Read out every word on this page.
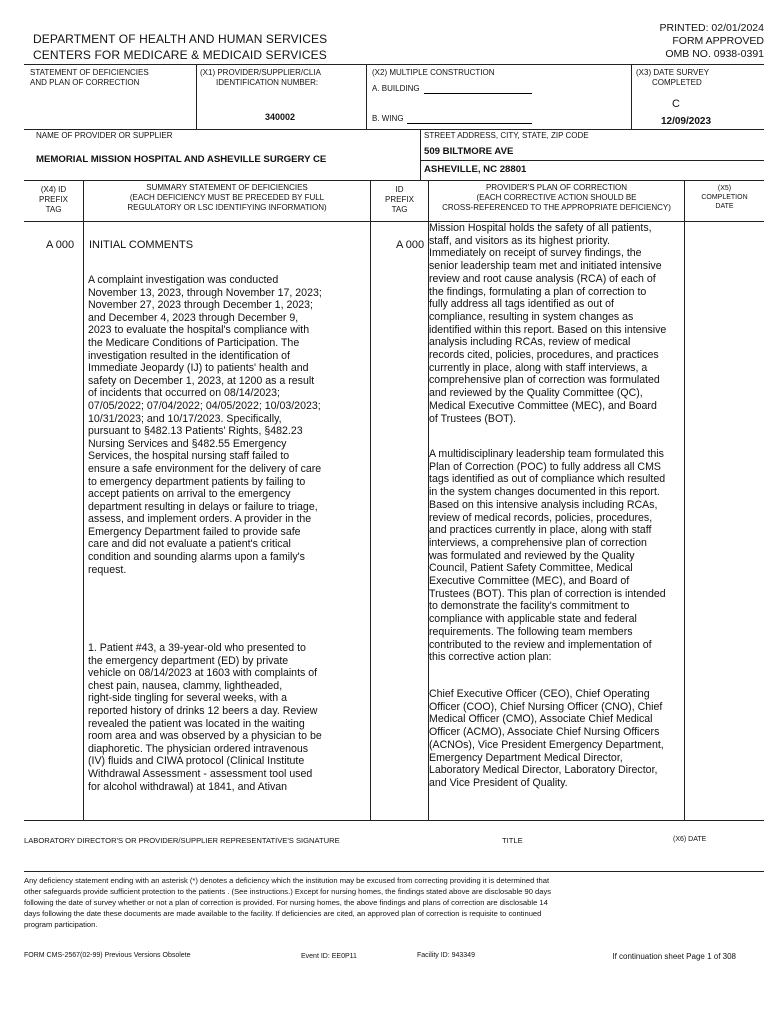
PRINTED: 02/01/2024
FORM APPROVED
OMB NO. 0938-0391
DEPARTMENT OF HEALTH AND HUMAN SERVICES
CENTERS FOR MEDICARE & MEDICAID SERVICES
STATEMENT OF DEFICIENCIES
AND PLAN OF CORRECTION
(X1) PROVIDER/SUPPLIER/CLIA
IDENTIFICATION NUMBER:
340002
(X2) MULTIPLE CONSTRUCTION
A. BUILDING
B. WING
(X3) DATE SURVEY
COMPLETED
C
12/09/2023
NAME OF PROVIDER OR SUPPLIER
MEMORIAL MISSION HOSPITAL AND ASHEVILLE SURGERY CE
STREET ADDRESS, CITY, STATE, ZIP CODE
509 BILTMORE AVE
ASHEVILLE, NC 28801
(X4) ID
PREFIX
TAG
SUMMARY STATEMENT OF DEFICIENCIES
(EACH DEFICIENCY MUST BE PRECEDED BY FULL
REGULATORY OR LSC IDENTIFYING INFORMATION)
ID
PREFIX
TAG
PROVIDER'S PLAN OF CORRECTION
(EACH CORRECTIVE ACTION SHOULD BE
CROSS-REFERENCED TO THE APPROPRIATE DEFICIENCY)
(X5)
COMPLETION
DATE
A 000 INITIAL COMMENTS
A complaint investigation was conducted
November 13, 2023, through November 17, 2023;
November 27, 2023 through December 1, 2023;
and December 4, 2023 through December 9,
2023 to evaluate the hospital's compliance with
the Medicare Conditions of Participation. The
investigation resulted in the identification of
Immediate Jeopardy (IJ) to patients' health and
safety on December 1, 2023, at 1200 as a result
of incidents that occurred on 08/14/2023;
07/05/2022; 07/04/2022; 04/05/2022; 10/03/2023;
10/31/2023; and 10/17/2023. Specifically,
pursuant to §482.13 Patients' Rights, §482.23
Nursing Services and §482.55 Emergency
Services, the hospital nursing staff failed to
ensure a safe environment for the delivery of care
to emergency department patients by failing to
accept patients on arrival to the emergency
department resulting in delays or failure to triage,
assess, and implement orders. A provider in the
Emergency Department failed to provide safe
care and did not evaluate a patient's critical
condition and sounding alarms upon a family's
request.
1. Patient #43, a 39-year-old who presented to
the emergency department (ED) by private
vehicle on 08/14/2023 at 1603 with complaints of
chest pain, nausea, clammy, lightheaded,
right-side tingling for several weeks, with a
reported history of drinks 12 beers a day. Review
revealed the patient was located in the waiting
room area and was observed by a physician to be
diaphoretic. The physician ordered intravenous
(IV) fluids and CIWA protocol (Clinical Institute
Withdrawal Assessment - assessment tool used
for alcohol withdrawal) at 1841, and Ativan
A 000
Mission Hospital holds the safety of all patients,
staff, and visitors as its highest priority.
Immediately on receipt of survey findings, the
senior leadership team met and initiated intensive
review and root cause analysis (RCA) of each of
the findings, formulating a plan of correction to
fully address all tags identified as out of
compliance, resulting in system changes as
identified within this report. Based on this intensive
analysis including RCAs, review of medical
records cited, policies, procedures, and practices
currently in place, along with staff interviews, a
comprehensive plan of correction was formulated
and reviewed by the Quality Committee (QC),
Medical Executive Committee (MEC), and Board
of Trustees (BOT).
A multidisciplinary leadership team formulated this
Plan of Correction (POC) to fully address all CMS
tags identified as out of compliance which resulted
in the system changes documented in this report.
Based on this intensive analysis including RCAs,
review of medical records, policies, procedures,
and practices currently in place, along with staff
interviews, a comprehensive plan of correction
was formulated and reviewed by the Quality
Council, Patient Safety Committee, Medical
Executive Committee (MEC), and Board of
Trustees (BOT). This plan of correction is intended
to demonstrate the facility's commitment to
compliance with applicable state and federal
requirements. The following team members
contributed to the review and implementation of
this corrective action plan:
Chief Executive Officer (CEO), Chief Operating
Officer (COO), Chief Nursing Officer (CNO), Chief
Medical Officer (CMO), Associate Chief Medical
Officer (ACMO), Associate Chief Nursing Officers
(ACNOs), Vice President Emergency Department,
Emergency Department Medical Director,
Laboratory Medical Director, Laboratory Director,
and Vice President of Quality.
LABORATORY DIRECTOR'S OR PROVIDER/SUPPLIER REPRESENTATIVE'S SIGNATURE	TITLE	(X6) DATE
Any deficiency statement ending with an asterisk (*) denotes a deficiency which the institution may be excused from correcting providing it is determined that
other safeguards provide sufficient protection to the patients . (See instructions.) Except for nursing homes, the findings stated above are disclosable 90 days
following the date of survey whether or not a plan of correction is provided. For nursing homes, the above findings and plans of correction are disclosable 14
days following the date these documents are made available to the facility. If deficiencies are cited, an approved plan of correction is requisite to continued
program participation.
FORM CMS-2567(02-99) Previous Versions Obsolete	Event ID: EE0P11	Facility ID: 943349	If continuation sheet Page 1 of 308
